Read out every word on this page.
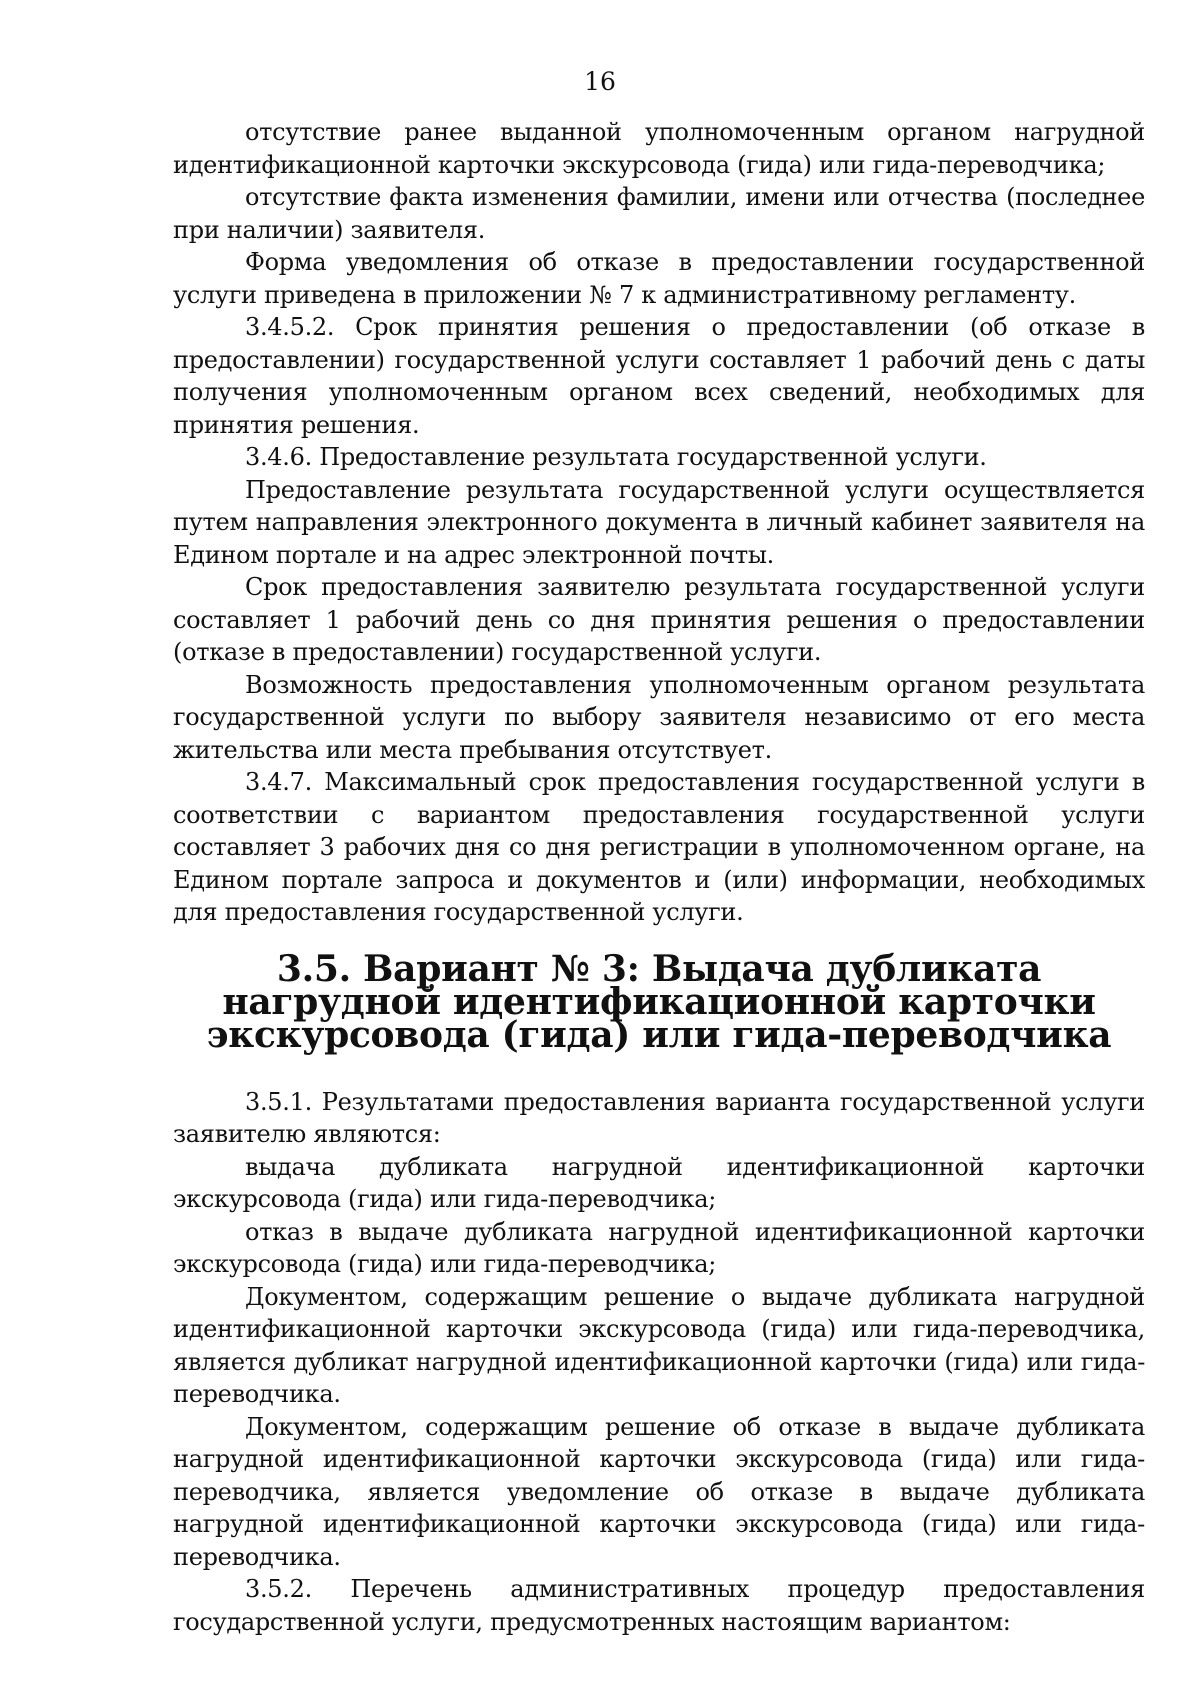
16

отсутствие ранее выданной уполномоченным органом нагрудной идентификационной карточки экскурсовода (гида) или гида-переводчика;

отсутствие факта изменения фамилии, имени или отчества (последнее при наличии) заявителя.

Форма уведомления об отказе в предоставлении государственной услуги приведена в приложении № 7 к административному регламенту.

3.4.5.2. Срок принятия решения о предоставлении (об отказе в предоставлении) государственной услуги составляет 1 рабочий день с даты получения уполномоченным органом всех сведений, необходимых для принятия решения.

3.4.6. Предоставление результата государственной услуги.

Предоставление результата государственной услуги осуществляется путем направления электронного документа в личный кабинет заявителя на Едином портале и на адрес электронной почты.

Срок предоставления заявителю результата государственной услуги составляет 1 рабочий день со дня принятия решения о предоставлении (отказе в предоставлении) государственной услуги.

Возможность предоставления уполномоченным органом результата государственной услуги по выбору заявителя независимо от его места жительства или места пребывания отсутствует.

3.4.7. Максимальный срок предоставления государственной услуги в соответствии с вариантом предоставления государственной услуги составляет 3 рабочих дня со дня регистрации в уполномоченном органе, на Едином портале запроса и документов и (или) информации, необходимых для предоставления государственной услуги.

3.5. Вариант № 3: Выдача дубликата нагрудной идентификационной карточки экскурсовода (гида) или гида-переводчика

3.5.1. Результатами предоставления варианта государственной услуги заявителю являются:

выдача дубликата нагрудной идентификационной карточки экскурсовода (гида) или гида-переводчика;

отказ в выдаче дубликата нагрудной идентификационной карточки экскурсовода (гида) или гида-переводчика;

Документом, содержащим решение о выдаче дубликата нагрудной идентификационной карточки экскурсовода (гида) или гида-переводчика, является дубликат нагрудной идентификационной карточки (гида) или гида-переводчика.

Документом, содержащим решение об отказе в выдаче дубликата нагрудной идентификационной карточки экскурсовода (гида) или гида-переводчика, является уведомление об отказе в выдаче дубликата нагрудной идентификационной карточки экскурсовода (гида) или гида-переводчика.

3.5.2. Перечень административных процедур предоставления государственной услуги, предусмотренных настоящим вариантом:
